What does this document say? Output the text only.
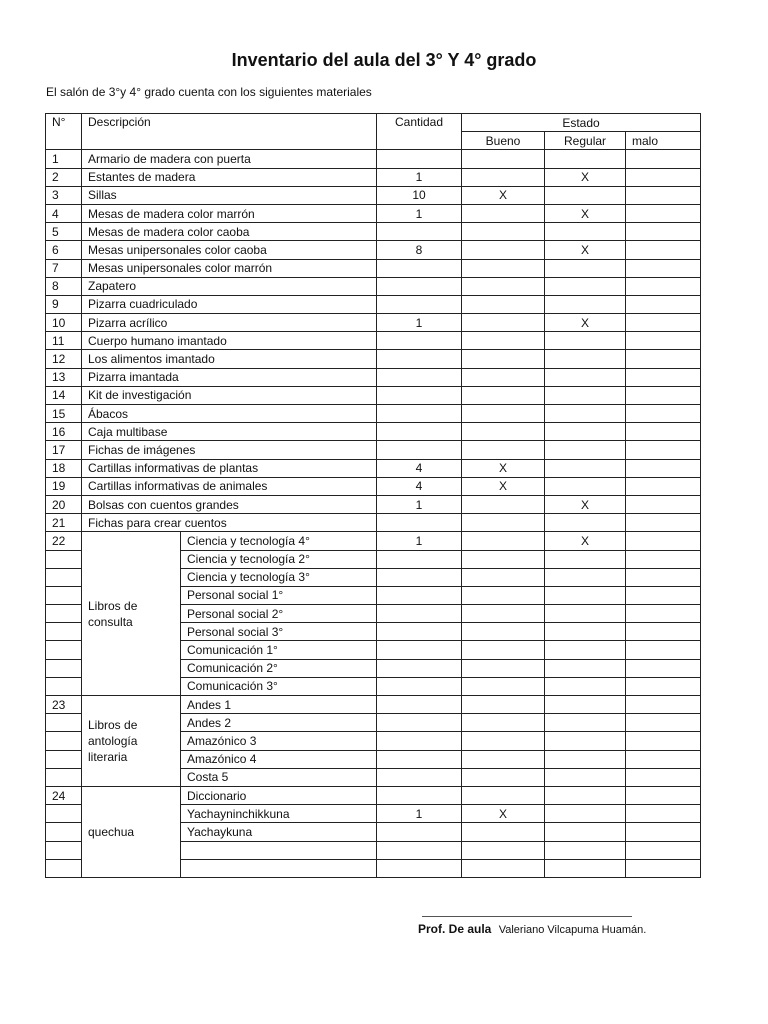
Inventario del aula del 3° Y 4° grado
El salón de 3°y 4° grado cuenta con los siguientes materiales
N°	Descripción		Cantidad	Estado		
				Bueno	Regular	malo
1	Armario de madera con puerta					
2	Estantes de madera		1		X	
3	Sillas		10	X		
4	Mesas de madera color marrón		1		X	
5	Mesas de madera color caoba					
6	Mesas unipersonales color caoba		8		X	
7	Mesas unipersonales color marrón					
8	Zapatero					
9	Pizarra cuadriculado					
10	Pizarra acrílico		1		X	
11	Cuerpo humano imantado					
12	Los alimentos imantado					
13	Pizarra imantada					
14	Kit de investigación					
15	Ábacos					
16	Caja multibase					
17	Fichas de imágenes					
18	Cartillas informativas de plantas		4	X		
19	Cartillas informativas de animales		4	X		
20	Bolsas con cuentos grandes		1		X	
21	Fichas para crear cuentos					
22	Libros de consulta	Ciencia y tecnología 4°	1		X	
		Ciencia y tecnología 2°				
		Ciencia y tecnología 3°				
		Personal social 1°				
		Personal social 2°				
		Personal social 3°				
		Comunicación 1°				
		Comunicación 2°				
		Comunicación 3°				
23	Libros de antología literaria	Andes 1				
		Andes 2				
		Amazónico 3				
		Amazónico 4				
		Costa 5				
24	quechua	Diccionario				
		Yachayninchikkuna	1	X		
		Yachaykuna				

Prof. De aula Valeriano Vilcapuma Huamán.
